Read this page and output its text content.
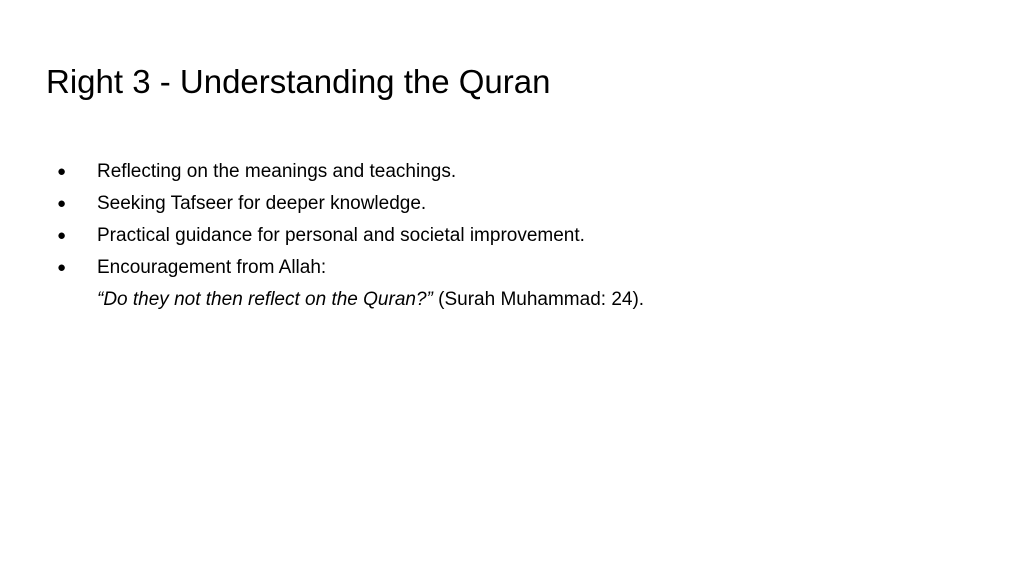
Right 3 - Understanding the Quran
● Reflecting on the meanings and teachings.
● Seeking Tafseer for deeper knowledge.
● Practical guidance for personal and societal improvement.
● Encouragement from Allah:
“Do they not then reflect on the Quran?” (Surah Muhammad: 24).
